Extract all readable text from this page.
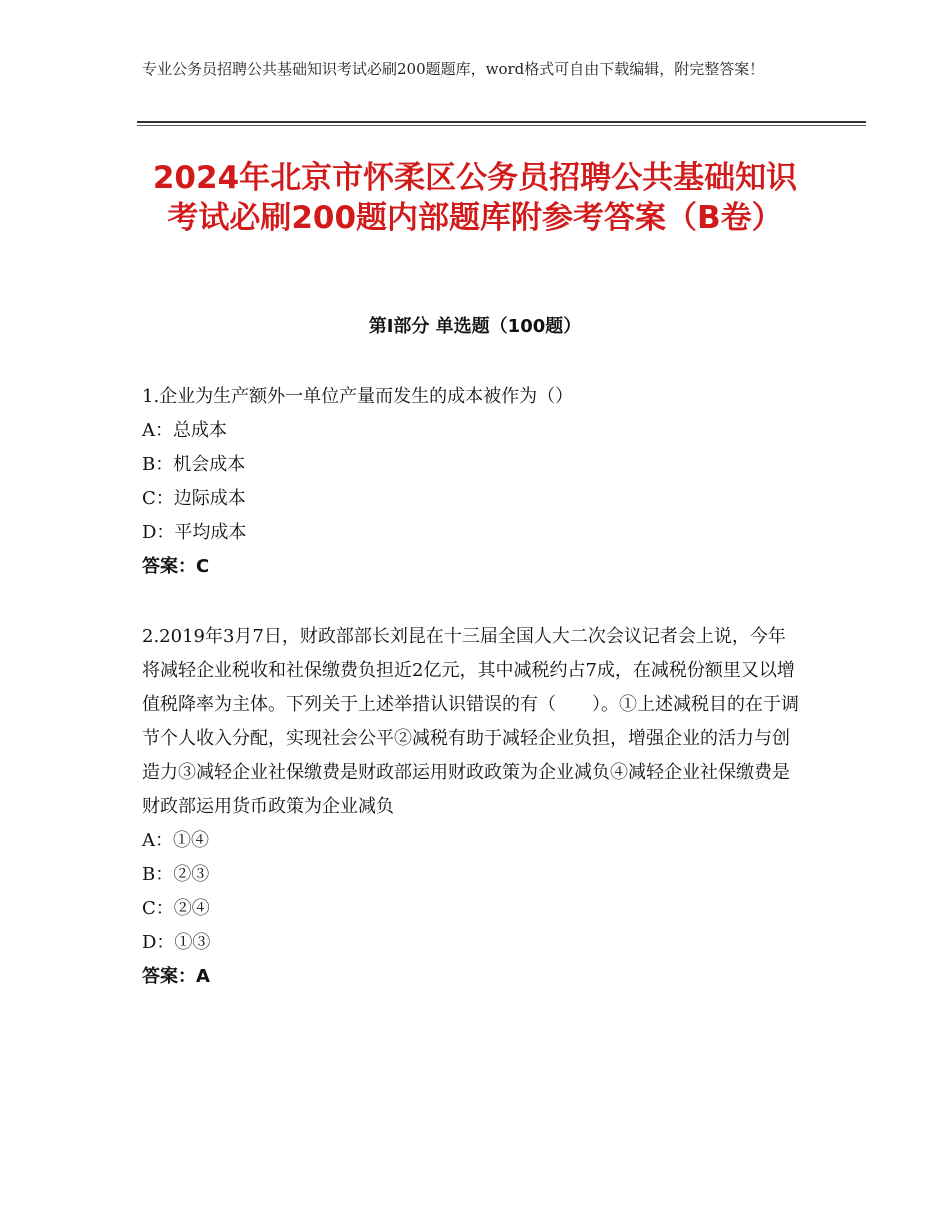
专业公务员招聘公共基础知识考试必刷200题题库，word格式可自由下载编辑，附完整答案！
2024年北京市怀柔区公务员招聘公共基础知识考试必刷200题内部题库附参考答案（B卷）
第Ⅰ部分 单选题（100题）

1.企业为生产额外一单位产量而发生的成本被作为（）

A：总成本

B：机会成本

C：边际成本

D：平均成本

答案：C

2.2019年3月7日，财政部部长刘昆在十三届全国人大二次会议记者会上说，今年将减轻企业税收和社保缴费负担近2亿元，其中减税约占7成，在减税份额里又以增值税降率为主体。下列关于上述举措认识错误的有（　　）。①上述减税目的在于调节个人收入分配，实现社会公平②减税有助于减轻企业负担，增强企业的活力与创造力③减轻企业社保缴费是财政部运用财政政策为企业减负④减轻企业社保缴费是财政部运用货币政策为企业减负

A：①④

B：②③

C：②④

D：①③

答案：A
